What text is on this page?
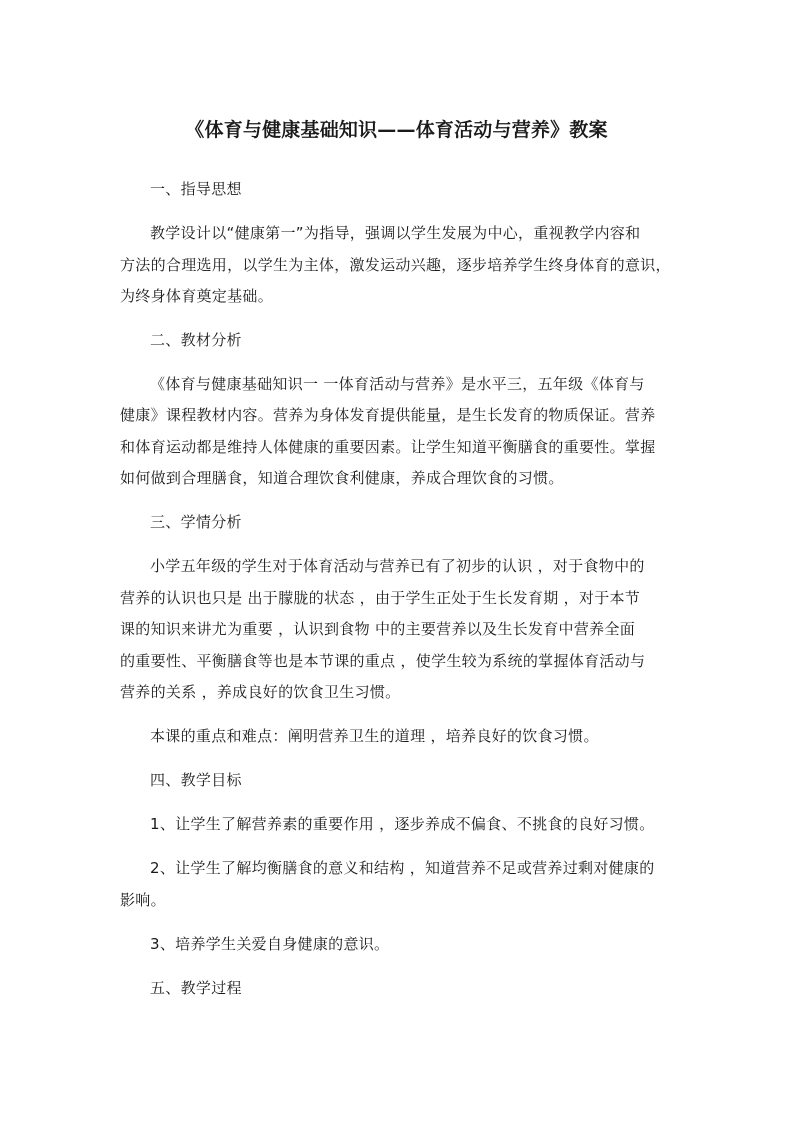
《体育与健康基础知识——体育活动与营养》教案
一、指导思想
教学设计以“健康第一”为指导，强调以学生发展为中心，重视教学内容和
方法的合理选用，以学生为主体，激发运动兴趣，逐步培养学生终身体育的意识，
为终身体育奠定基础。
二、教材分析
《体育与健康基础知识一 一体育活动与营养》是水平三，五年级《体育与
健康》课程教材内容。营养为身体发育提供能量，是生长发育的物质保证。营养
和体育运动都是维持人体健康的重要因素。让学生知道平衡膳食的重要性。掌握
如何做到合理膳食，知道合理饮食利健康，养成合理饮食的习惯。
三、学情分析
小学五年级的学生对于体育活动与营养已有了初步的认识 ，对于食物中的
营养的认识也只是 出于朦胧的状态 ，由于学生正处于生长发育期 ，对于本节
课的知识来讲尤为重要 ，认识到食物 中的主要营养以及生长发育中营养全面
的重要性、平衡膳食等也是本节课的重点 ，使学生较为系统的掌握体育活动与
营养的关系 ，养成良好的饮食卫生习惯。
本课的重点和难点：阐明营养卫生的道理 ，培养良好的饮食习惯。
四、教学目标
1、让学生了解营养素的重要作用 ，逐步养成不偏食、不挑食的良好习惯。
2、让学生了解均衡膳食的意义和结构 ，知道营养不足或营养过剩对健康的
影响。
3、培养学生关爱自身健康的意识。
五、教学过程
